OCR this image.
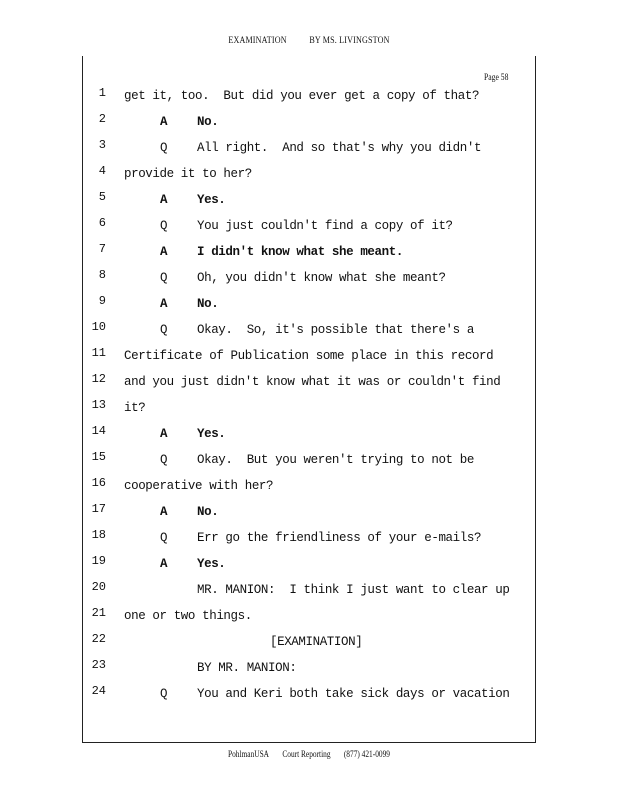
EXAMINATION BY MS. LIVINGSTON
Page 58
1 get it, too.  But did you ever get a copy of that?
2	A No.
3	Q All right.  And so that's why you didn't
4 provide it to her?
5	A Yes.
6	Q You just couldn't find a copy of it?
7	A I didn't know what she meant.
8	Q Oh, you didn't know what she meant?
9	A No.
10	Q Okay.  So, it's possible that there's a
11 Certificate of Publication some place in this record
12 and you just didn't know what it was or couldn't find
13 it?
14	A Yes.
15	Q Okay.  But you weren't trying to not be
16 cooperative with her?
17	A No.
18	Q Err go the friendliness of your e-mails?
19	A Yes.
20	MR. MANION:  I think I just want to clear up
21 one or two things.
22	[EXAMINATION]
23	BY MR. MANION:
24	Q You and Keri both take sick days or vacation
PohlmanUSA Court Reporting (877) 421-0099
